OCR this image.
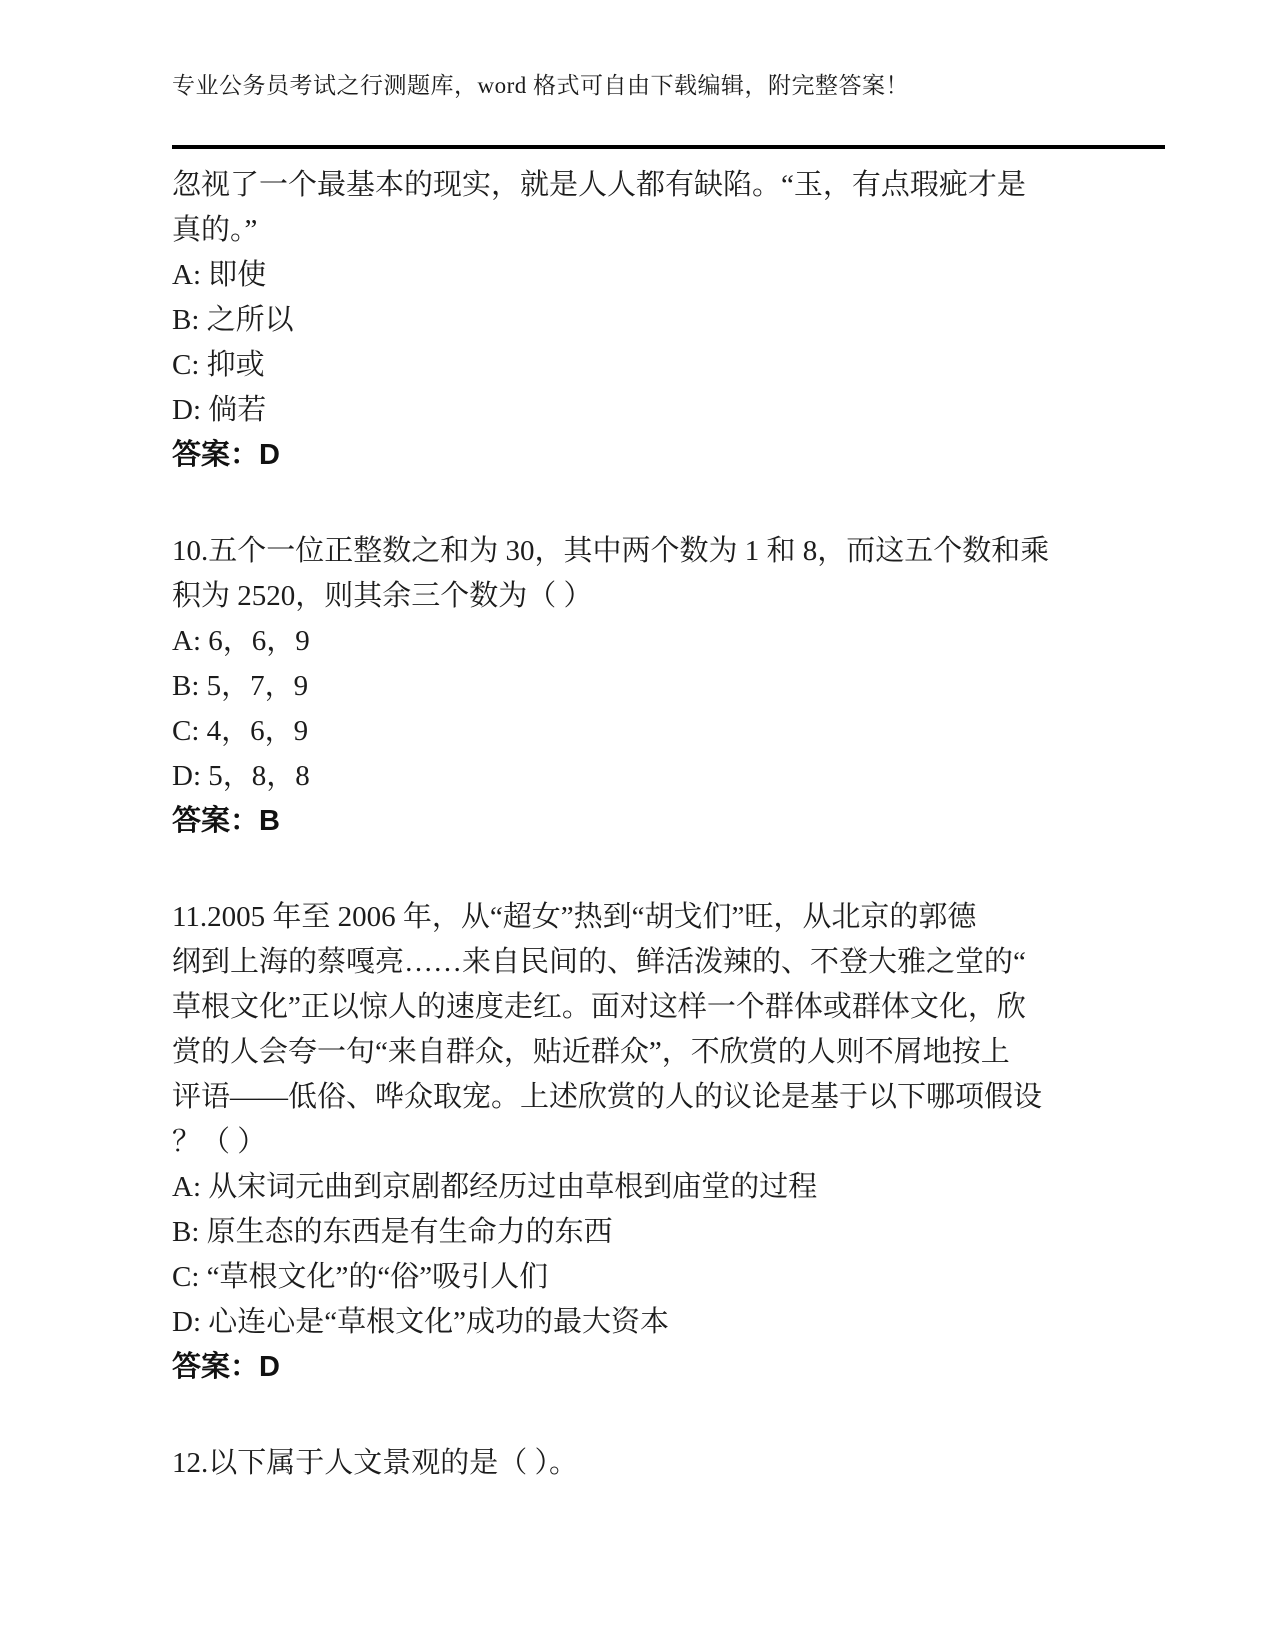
专业公务员考试之行测题库，word 格式可自由下载编辑，附完整答案！
忽视了一个最基本的现实，就是人人都有缺陷。“玉，有点瑕疵才是
真的。”
A: 即使
B: 之所以
C: 抑或
D: 倘若
答案：D
10.五个一位正整数之和为 30，其中两个数为 1 和 8，而这五个数和乘
积为 2520，则其余三个数为（ ）
A: 6，6，9
B: 5，7，9
C: 4，6，9
D: 5，8，8
答案：B
11.2005 年至 2006 年，从“超女”热到“胡戈们”旺，从北京的郭德
纲到上海的蔡嘎亮……来自民间的、鲜活泼辣的、不登大雅之堂的“
草根文化”正以惊人的速度走红。面对这样一个群体或群体文化，欣
赏的人会夸一句“来自群众，贴近群众”，不欣赏的人则不屑地按上
评语——低俗、哗众取宠。上述欣赏的人的议论是基于以下哪项假设
？（ ）
A: 从宋词元曲到京剧都经历过由草根到庙堂的过程
B: 原生态的东西是有生命力的东西
C: “草根文化”的“俗”吸引人们
D: 心连心是“草根文化”成功的最大资本
答案：D
12.以下属于人文景观的是（ ）。
